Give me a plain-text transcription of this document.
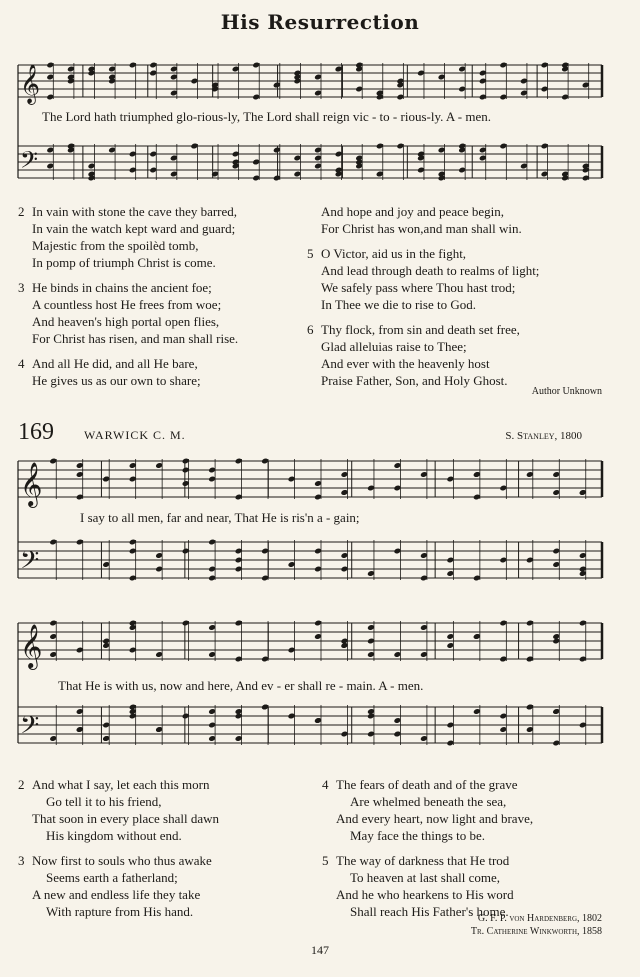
His Resurrection
𝄞
𝄢
𝄞
𝄢
𝄞
𝄢
The Lord hath triumphed glo-rious-ly, The Lord shall reign vic - to - rious-ly. A - men.
2 In vain with stone the cave they barred,
In vain the watch kept ward and guard;
Majestic from the spoilèd tomb,
In pomp of triumph Christ is come.
3 He binds in chains the ancient foe;
A countless host He frees from woe;
And heaven's high portal open flies,
For Christ has risen, and man shall rise.
4 And all He did, and all He bare,
He gives us as our own to share;
And hope and joy and peace begin,
For Christ has won,and man shall win.
5 O Victor, aid us in the fight,
And lead through death to realms of light;
We safely pass where Thou hast trod;
In Thee we die to rise to God.
6 Thy flock, from sin and death set free,
Glad alleluias raise to Thee;
And ever with the heavenly host
Praise Father, Son, and Holy Ghost.
Author Unknown
169	WARWICK C. M.	S. Stanley, 1800
I say to all men, far and near, That He is ris'n a - gain;
That He is with us, now and here, And ev - er shall re - main. A - men.
2 And what I say, let each this morn
Go tell it to his friend,
That soon in every place shall dawn
His kingdom without end.
3 Now first to souls who thus awake
Seems earth a fatherland;
A new and endless life they take
With rapture from His hand.
4 The fears of death and of the grave
Are whelmed beneath the sea,
And every heart, now light and brave,
May face the things to be.
5 The way of darkness that He trod
To heaven at last shall come,
And he who hearkens to His word
Shall reach His Father's home.
G. F. P. von Hardenberg, 1802
Tr. Catherine Winkworth, 1858
147
